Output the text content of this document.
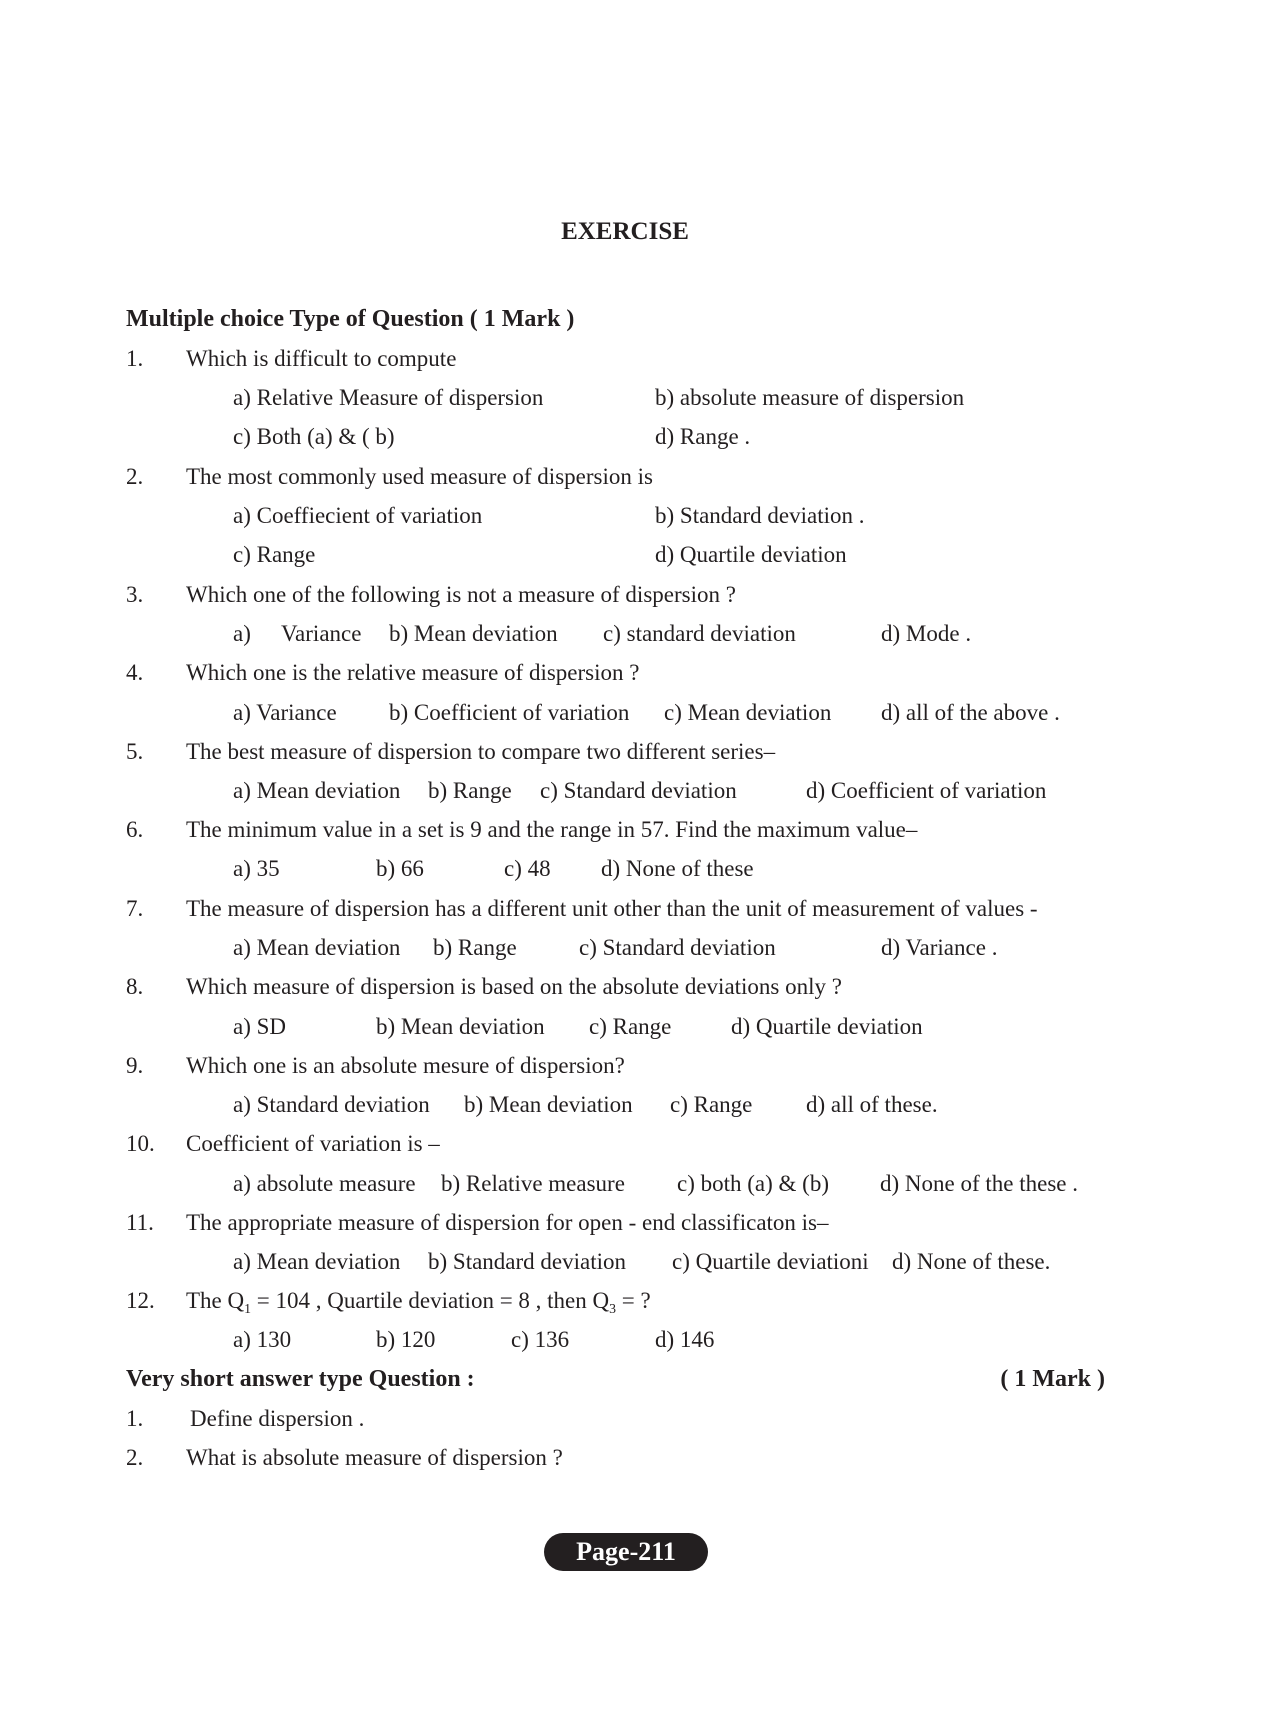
EXERCISE
Multiple choice Type of Question ( 1 Mark )
1. Which is difficult to compute
a) Relative Measure of dispersion	b) absolute measure of dispersion
c) Both (a) & ( b)	d) Range .
2. The most commonly used measure of dispersion is
a) Coeffiecient of variation	b) Standard deviation .
c) Range	d) Quartile deviation
3. Which one of the following is not a measure of dispersion ?
a) Variance b) Mean deviation c) standard deviation	d) Mode .
4. Which one is the relative measure of dispersion ?
a) Variance b) Coefficient of variation c) Mean deviation d) all of the above .
5. The best measure of dispersion to compare two different series–
a) Mean deviation b) Range c) Standard deviation	d) Coefficient of variation
6. The minimum value in a set is 9 and the range in 57. Find the maximum value–
a) 35	b) 66	c) 48 d) None of these
7. The measure of dispersion has a different unit other than the unit of measurement of values -
a) Mean deviation b) Range	c) Standard deviation	d) Variance .
8. Which measure of dispersion is based on the absolute deviations only ?
a) SD	b) Mean deviation c) Range	d) Quartile deviation
9. Which one is an absolute mesure of dispersion?
a) Standard deviation b) Mean deviation c) Range d) all of these.
10. Coefficient of variation is –
a) absolute measure b) Relative measure c) both (a) & (b) d) None of the these .
11. The appropriate measure of dispersion for open - end classificaton is–
a) Mean deviation b) Standard deviation c) Quartile deviationi d) None of these.
12. The $Q_1 = 104$ , Quartile deviation = 8 , then $Q_3$ = ?
a) 130	b) 120	c) 136	d) 146
Very short answer type Question :	( 1 Mark )
1. Define dispersion .
2. What is absolute measure of dispersion ?
Page-211
